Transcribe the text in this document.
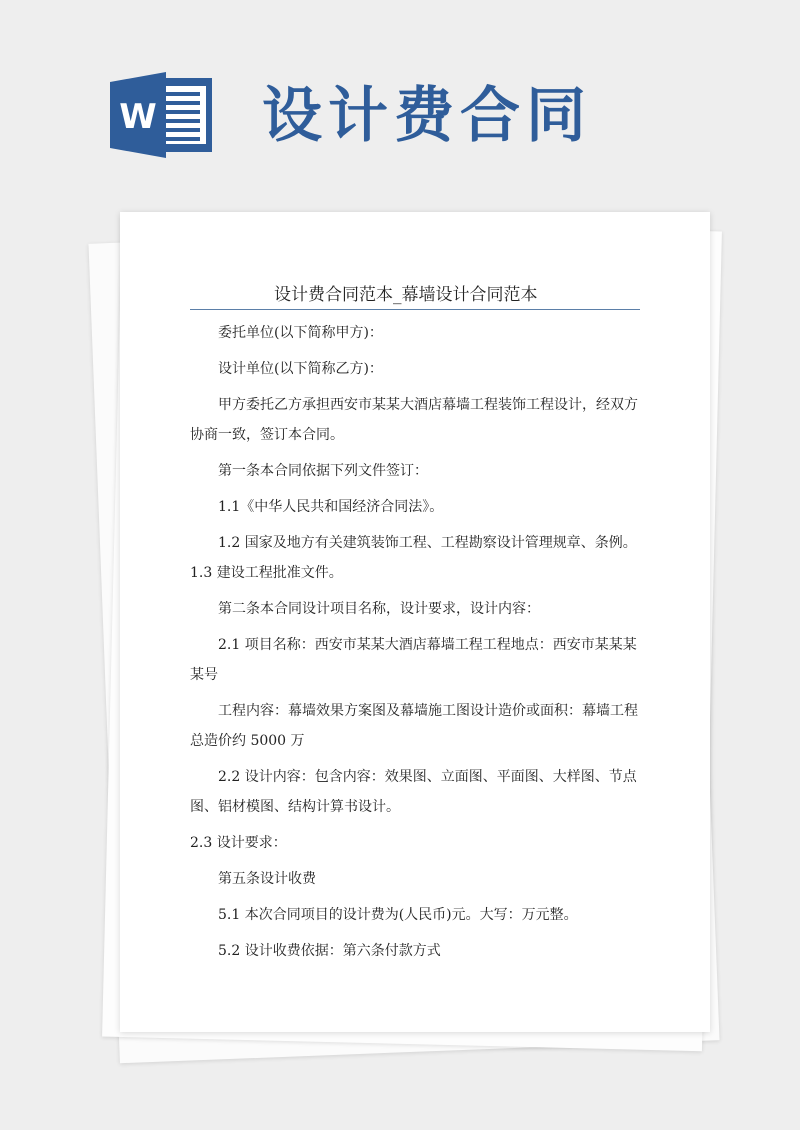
W 设计费合同
设计费合同范本_幕墙设计合同范本

委托单位(以下简称甲方)：

设计单位(以下简称乙方)：

甲方委托乙方承担西安市某某大酒店幕墙工程装饰工程设计，经双方协商一致，签订本合同。

第一条本合同依据下列文件签订：

1.1《中华人民共和国经济合同法》。

1.2 国家及地方有关建筑装饰工程、工程勘察设计管理规章、条例。1.3 建设工程批准文件。

第二条本合同设计项目名称，设计要求，设计内容：

2.1 项目名称：西安市某某大酒店幕墙工程工程地点：西安市某某某某号

工程内容：幕墙效果方案图及幕墙施工图设计造价或面积：幕墙工程总造价约 5000 万

2.2 设计内容：包含内容：效果图、立面图、平面图、大样图、节点图、铝材模图、结构计算书设计。

2.3 设计要求：

第五条设计收费

5.1 本次合同项目的设计费为(人民币)元。大写：万元整。

5.2 设计收费依据：第六条付款方式
